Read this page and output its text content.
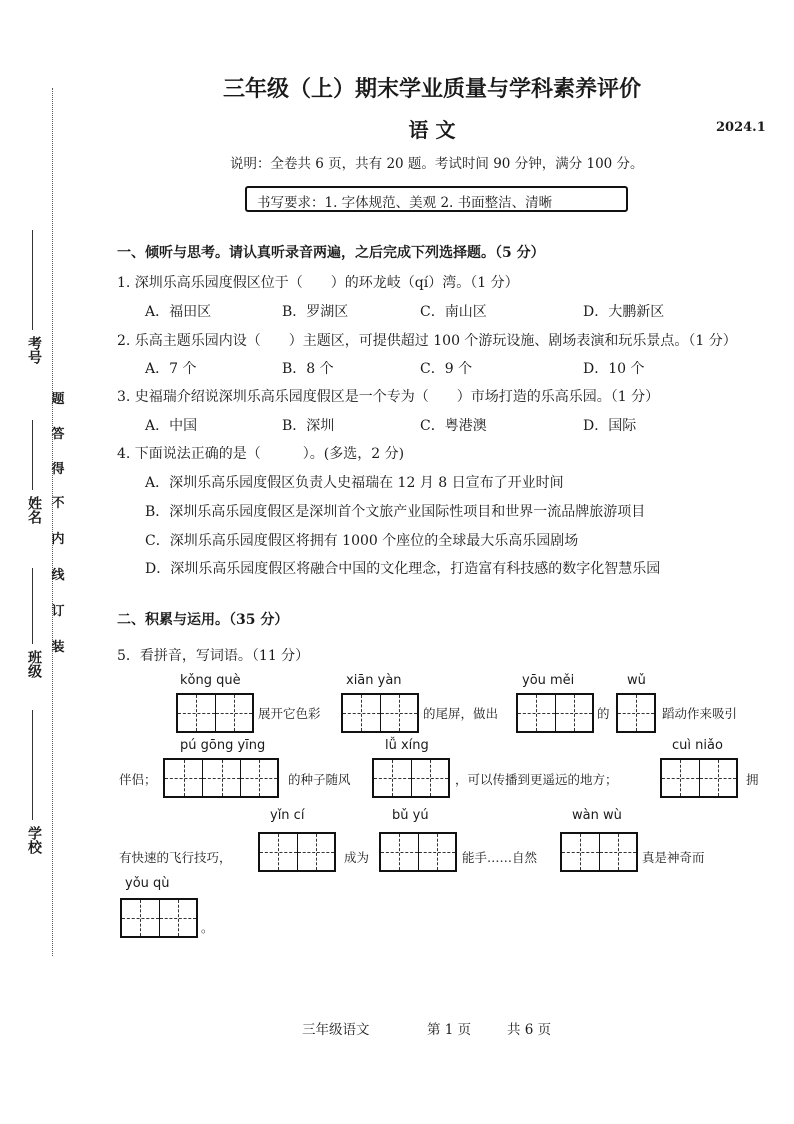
考号
姓名
班级
学校
题
答
得
不
内
线
订
装
三年级（上）期末学业质量与学科素养评价
语 文	2024.1
说明：全卷共 6 页，共有 20 题。考试时间 90 分钟，满分 100 分。
书写要求：1. 字体规范、美观 2. 书面整洁、清晰
一、倾听与思考。请认真听录音两遍，之后完成下列选择题。（5 分）
1. 深圳乐高乐园度假区位于（　　）的环龙岐（qí）湾。（1 分）
A．福田区	B．罗湖区	C．南山区	D．大鹏新区
2. 乐高主题乐园内设（　　）主题区，可提供超过 100 个游玩设施、剧场表演和玩乐景点。（1 分）
A．7 个	B．8 个	C．9 个	D．10 个
3. 史福瑞介绍说深圳乐高乐园度假区是一个专为（　　）市场打造的乐高乐园。（1 分）
A．中国	B．深圳	C．粤港澳	D．国际
4. 下面说法正确的是（　　　）。(多选，2 分)
A．深圳乐高乐园度假区负责人史福瑞在 12 月 8 日宣布了开业时间
B．深圳乐高乐园度假区是深圳首个文旅产业国际性项目和世界一流品牌旅游项目
C．深圳乐高乐园度假区将拥有 1000 个座位的全球最大乐高乐园剧场
D．深圳乐高乐园度假区将融合中国的文化理念，打造富有科技感的数字化智慧乐园
二、积累与运用。（35 分）
5．看拼音，写词语。（11 分）
kǒng què
展开它色彩
xiān yàn
的尾屏，做出
yōu měi
的
wǔ
蹈动作来吸引
伴侣；
pú gōng yīng
的种子随风
lǚ xíng
，可以传播到更遥远的地方；
cuì niǎo
拥
有快速的飞行技巧，
yǐn cí
成为
bǔ yú
能手……自然
wàn wù
真是神奇而
yǒu qù
。
三年级语文	第 1 页	共 6 页
